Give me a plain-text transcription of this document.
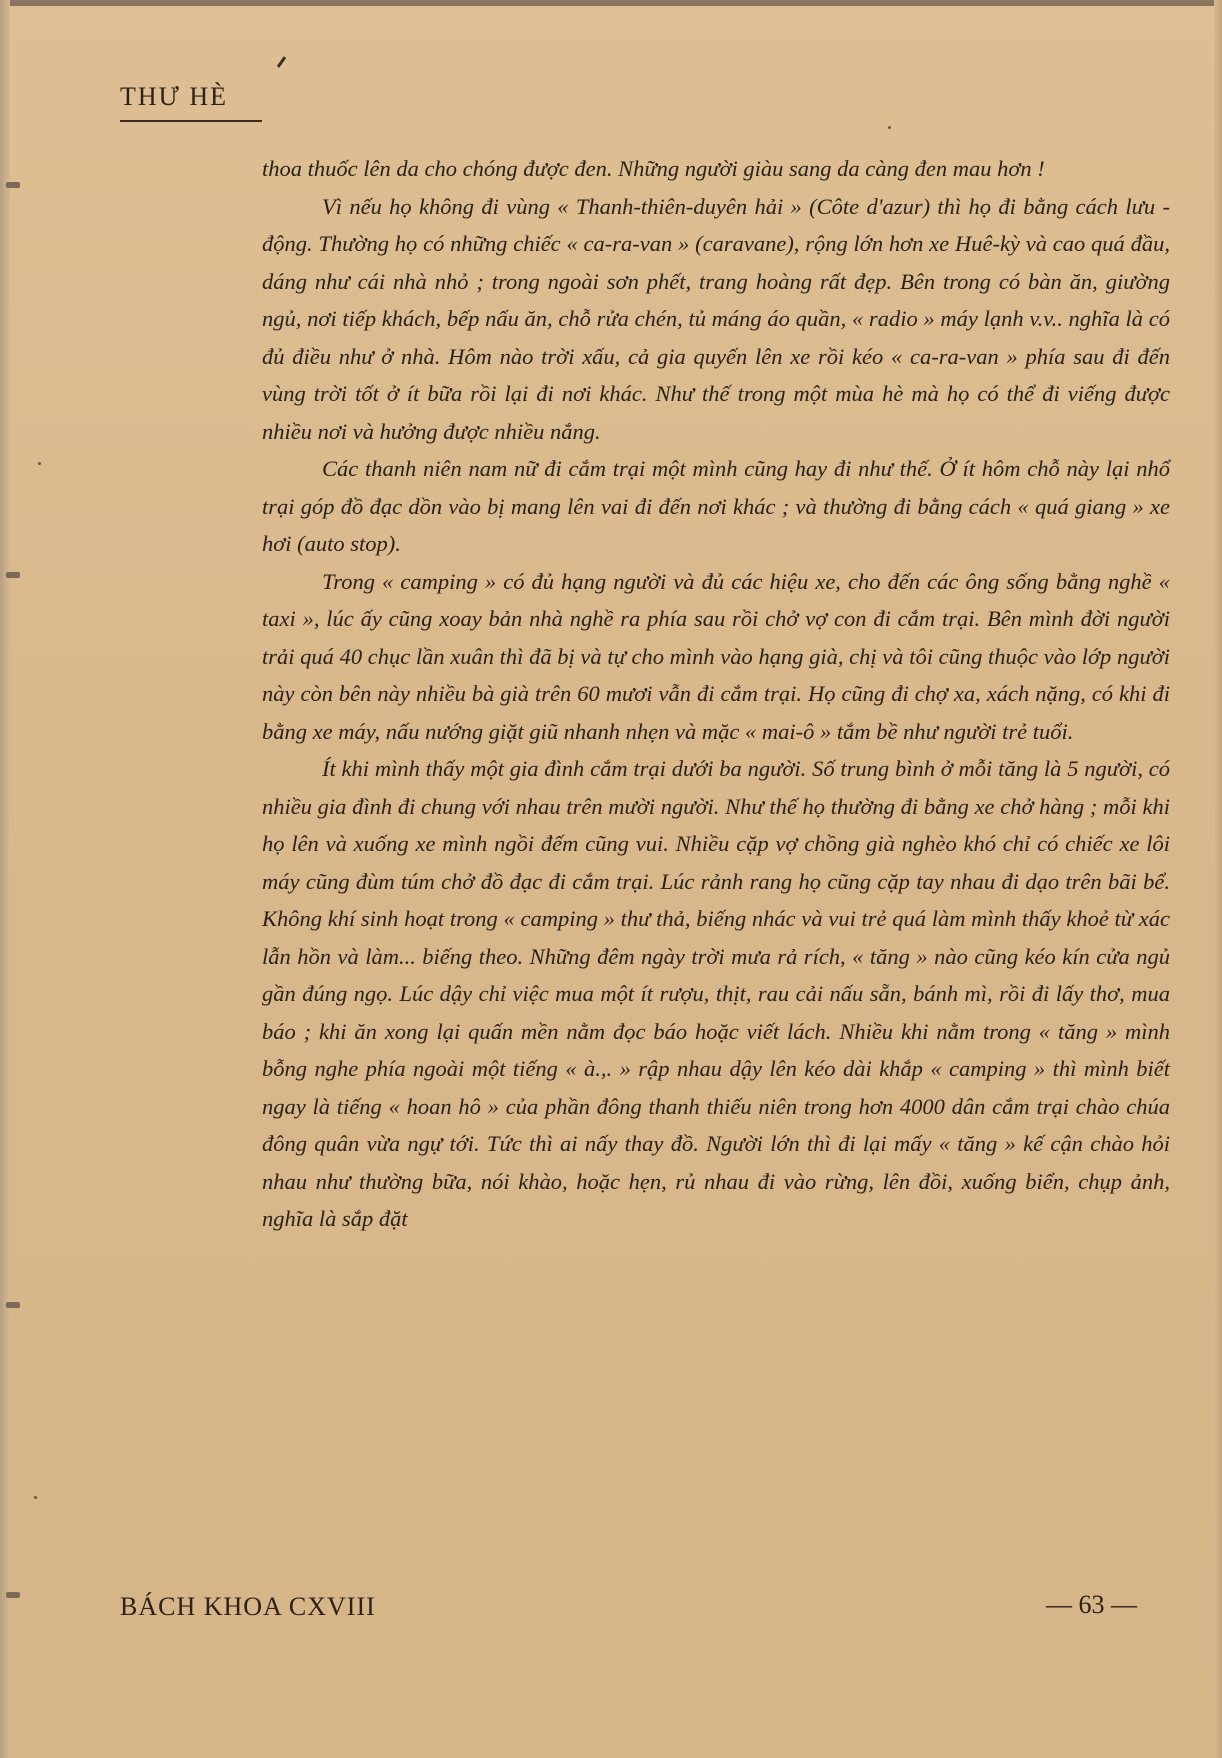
THƯ HÈ

thoa thuốc lên da cho chóng được đen. Những người giàu sang da càng đen mau hơn !

Vì nếu họ không đi vùng « Thanh-thiên-duyên hải » (Côte d'azur) thì họ đi bằng cách lưu - động. Thường họ có những chiếc « ca-ra-van » (caravane), rộng lớn hơn xe Huê-kỳ và cao quá đầu, dáng như cái nhà nhỏ ; trong ngoài sơn phết, trang hoàng rất đẹp. Bên trong có bàn ăn, giường ngủ, nơi tiếp khách, bếp nấu ăn, chỗ rửa chén, tủ máng áo quần, « radio » máy lạnh v.v.. nghĩa là có đủ điều như ở nhà. Hôm nào trời xấu, cả gia quyến lên xe rồi kéo « ca-ra-van » phía sau đi đến vùng trời tốt ở ít bữa rồi lại đi nơi khác. Như thế trong một mùa hè mà họ có thể đi viếng được nhiều nơi và hưởng được nhiều nắng.

Các thanh niên nam nữ đi cắm trại một mình cũng hay đi như thế. Ở ít hôm chỗ này lại nhổ trại góp đồ đạc dồn vào bị mang lên vai đi đến nơi khác ; và thường đi bằng cách « quá giang » xe hơi (auto stop).

Trong « camping » có đủ hạng người và đủ các hiệu xe, cho đến các ông sống bằng nghề « taxi », lúc ấy cũng xoay bản nhà nghề ra phía sau rồi chở vợ con đi cắm trại. Bên mình đời người trải quá 40 chục lần xuân thì đã bị và tự cho mình vào hạng già, chị và tôi cũng thuộc vào lớp người này còn bên này nhiều bà già trên 60 mươi vẫn đi cắm trại. Họ cũng đi chợ xa, xách nặng, có khi đi bằng xe máy, nấu nướng giặt giũ nhanh nhẹn và mặc « mai-ô » tắm bề như người trẻ tuổi.

Ít khi mình thấy một gia đình cắm trại dưới ba người. Số trung bình ở mỗi tăng là 5 người, có nhiều gia đình đi chung với nhau trên mười người. Như thế họ thường đi bằng xe chở hàng ; mỗi khi họ lên và xuống xe mình ngồi đếm cũng vui. Nhiều cặp vợ chồng già nghèo khó chỉ có chiếc xe lôi máy cũng đùm túm chở đồ đạc đi cắm trại. Lúc rảnh rang họ cũng cặp tay nhau đi dạo trên bãi bể. Không khí sinh hoạt trong « camping » thư thả, biếng nhác và vui trẻ quá làm mình thấy khoẻ từ xác lẫn hồn và làm... biếng theo. Những đêm ngày trời mưa rả rích, « tăng » nào cũng kéo kín cửa ngủ gần đúng ngọ. Lúc dậy chỉ việc mua một ít rượu, thịt, rau cải nấu sẵn, bánh mì, rồi đi lấy thơ, mua báo ; khi ăn xong lại quấn mền nằm đọc báo hoặc viết lách. Nhiều khi nằm trong « tăng » mình bỗng nghe phía ngoài một tiếng « à.,. » rập nhau dậy lên kéo dài khắp « camping » thì mình biết ngay là tiếng « hoan hô » của phần đông thanh thiếu niên trong hơn 4000 dân cắm trại chào chúa đông quân vừa ngự tới. Tức thì ai nấy thay đồ. Người lớn thì đi lại mấy « tăng » kế cận chào hỏi nhau như thường bữa, nói khào, hoặc hẹn, rủ nhau đi vào rừng, lên đồi, xuống biển, chụp ảnh, nghĩa là sắp đặt

BÁCH KHOA CXVIII	— 63 —
